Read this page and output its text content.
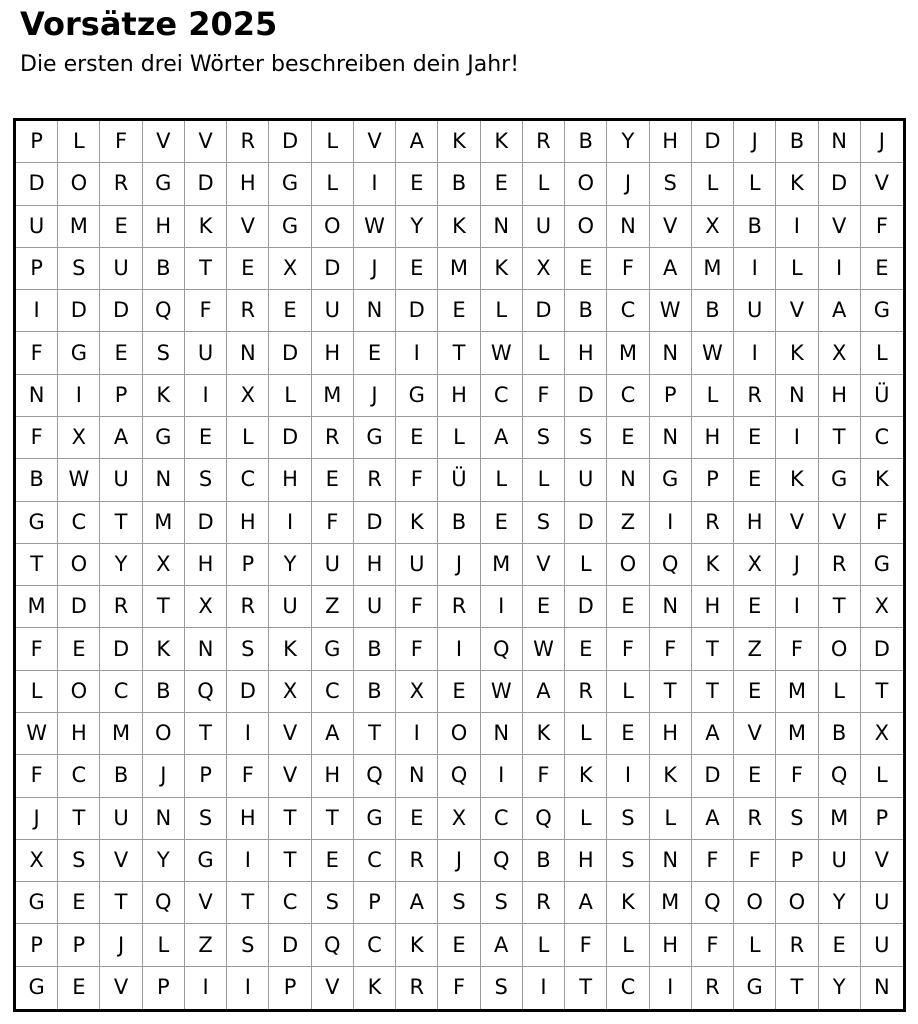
Vorsätze 2025

Die ersten drei Wörter beschreiben dein Jahr!

P	L	F	V	V	R	D	L	V	A	K	K	R	B	Y	H	D	J	B	N	J
D	O	R	G	D	H	G	L	I	E	B	E	L	O	J	S	L	L	K	D	V
U	M	E	H	K	V	G	O	W	Y	K	N	U	O	N	V	X	B	I	V	F
P	S	U	B	T	E	X	D	J	E	M	K	X	E	F	A	M	I	L	I	E
I	D	D	Q	F	R	E	U	N	D	E	L	D	B	C	W	B	U	V	A	G
F	G	E	S	U	N	D	H	E	I	T	W	L	H	M	N	W	I	K	X	L
N	I	P	K	I	X	L	M	J	G	H	C	F	D	C	P	L	R	N	H	Ü
F	X	A	G	E	L	D	R	G	E	L	A	S	S	E	N	H	E	I	T	C
B	W	U	N	S	C	H	E	R	F	Ü	L	L	U	N	G	P	E	K	G	K
G	C	T	M	D	H	I	F	D	K	B	E	S	D	Z	I	R	H	V	V	F
T	O	Y	X	H	P	Y	U	H	U	J	M	V	L	O	Q	K	X	J	R	G
M	D	R	T	X	R	U	Z	U	F	R	I	E	D	E	N	H	E	I	T	X
F	E	D	K	N	S	K	G	B	F	I	Q	W	E	F	F	T	Z	F	O	D
L	O	C	B	Q	D	X	C	B	X	E	W	A	R	L	T	T	E	M	L	T
W	H	M	O	T	I	V	A	T	I	O	N	K	L	E	H	A	V	M	B	X
F	C	B	J	P	F	V	H	Q	N	Q	I	F	K	I	K	D	E	F	Q	L
J	T	U	N	S	H	T	T	G	E	X	C	Q	L	S	L	A	R	S	M	P
X	S	V	Y	G	I	T	E	C	R	J	Q	B	H	S	N	F	F	P	U	V
G	E	T	Q	V	T	C	S	P	A	S	S	R	A	K	M	Q	O	O	Y	U
P	P	J	L	Z	S	D	Q	C	K	E	A	L	F	L	H	F	L	R	E	U
G	E	V	P	I	I	P	V	K	R	F	S	I	T	C	I	R	G	T	Y	N
